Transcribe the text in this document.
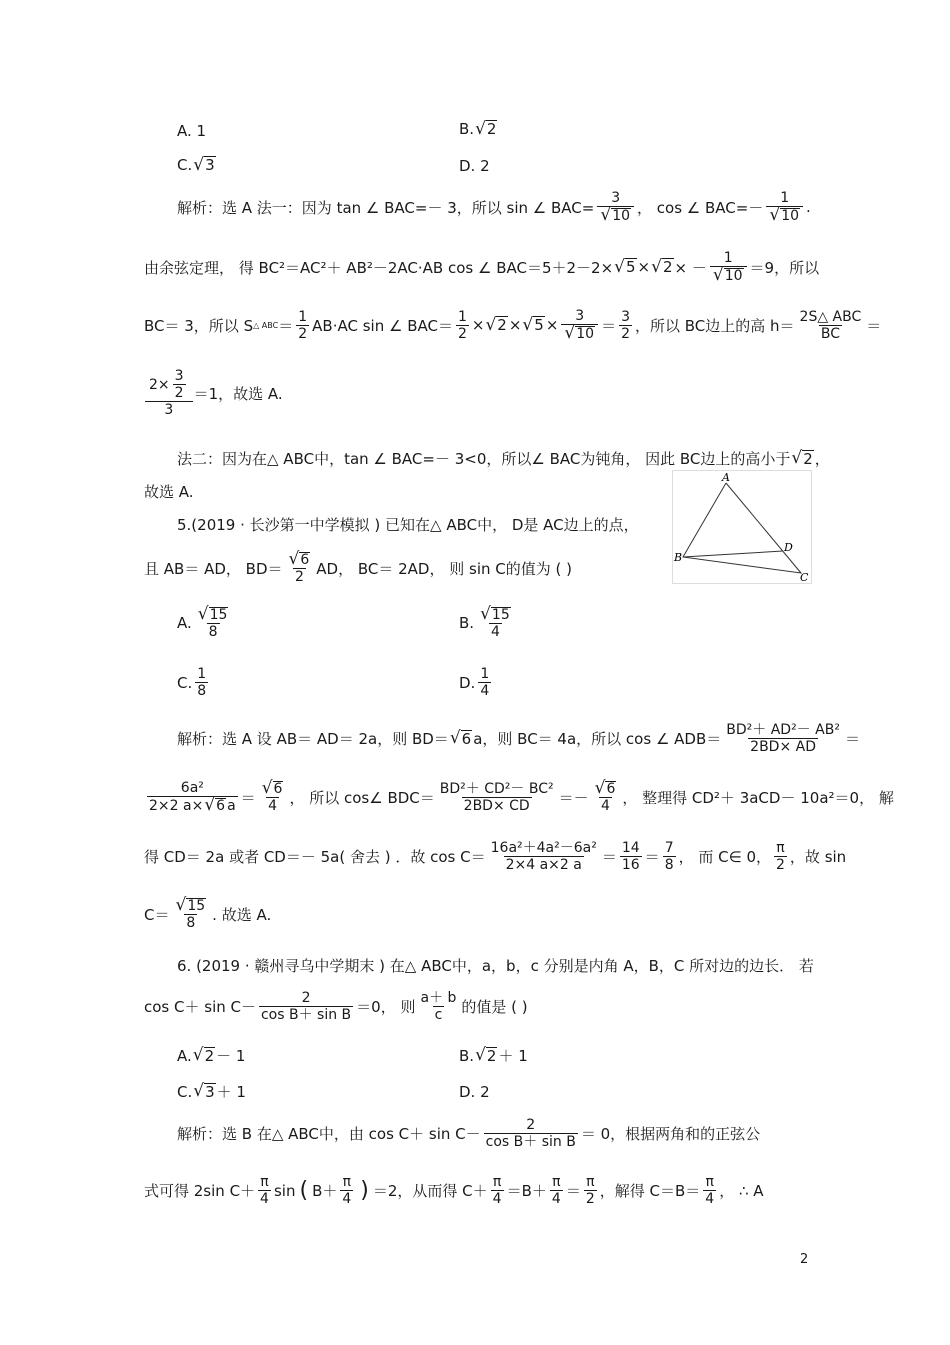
A. 1	B. √ 2
C. √ 3	D. 2
解析：选 A 法一：因为 tan ∠ BAC=－ 3，所以 sin ∠ $BAC= \frac{3}{√ 10}$ ， cos ∠ $BAC=- \frac{1}{√ 10}$ .
由余弦定理， 得 BC²＝AC²＋ AB²－2AC·AB cos ∠ BAC＝5＋2－2× √ 5 × √ 2 × － $\frac{1}{√ 10} =9$，所以
BC＝ 3，所以 S △ ABC ＝ $\frac{1}{2} AB\cdot AC$ sin ∠ $BAC= \frac{1}{2}$ × √ 2 × √ $5 \times \frac{3}{√ 10} = \frac{3}{2}$ ，所以 BC边上的高 $h= \frac{\text{2S△ ABC}}{BC}$ ＝
$\frac{2\times \frac{3}{2}}{3} =1$，故选 A.
法二：因为在△ ABC中，tan ∠ BAC=－ 3<0，所以∠ BAC为钝角， 因此 BC边上的高小于 √ 2 ，
故选 A.
A
B
C
D
5.(2019 · 长沙第一中学模拟 ) 已知在△ ABC中， D是 AC边上的点，
且 AB＝ AD， $BD= \frac{√ 6}{2}$ AD， BC＝ 2AD， 则 sin C的值为 ( )
A. $\frac{√ 15}{8}$	B. $\frac{√ 15}{4}$
C. $\frac{1}{8}$	D. $\frac{1}{4}$
解析：选 A 设 AB＝ AD＝ 2a，则 BD＝ √ 6 a，则 BC＝ 4a，所以 cos ∠ $ADB= \frac{\text{BD²＋ AD²－ AB²}}{2BD\times AD}$ ＝
$\frac{\text{6a²}}{2\times 2 a\times √ 6 a} = \frac{√ 6}{4}$ ， 所以 cos∠ $BDC= \frac{\text{BD²＋ CD²－ BC²}}{2BD\times CD} =- \frac{√ 6}{4}$ ， 整理得 CD²＋ 3aCD－ 10a²＝0， 解
得 CD＝ 2a 或者 CD＝－ 5a( 舍去 ) ．故 $\cos C= \frac{\text{16a²＋4a²－6a²}}{2\times 4 a\times 2 a} = \frac{14}{16} = \frac{7}{8}$ ， 而 C∈ 0， $\frac{\pi}{2}$ ，故 sin
$C= \frac{√ 15}{8}$ . 故选 A.
6. (2019 · 赣州寻乌中学期末 ) 在△ ABC中，a，b，c 分别是内角 A，B，C 所对边的边长． 若
$\cos C+ \sin C- \frac{2}{\text{cos B＋ sin B}} =0$， 则 $\frac{a+ b}{c}$ 的值是 ( )
A. √ 2 － 1	B. √ 2 ＋ 1
C. √ 3 ＋ 1	D. 2
解析：选 B 在△ ABC中，由 $\cos C+ \sin C- \frac{2}{\text{cos B＋ sin B}} = 0$，根据两角和的正弦公
式可得 2sin $C+ \frac{\pi}{4}$ sin ( $B+ \frac{\pi}{4}$ ) ＝2，从而得 $C+ \frac{\pi}{4} =B+ \frac{\pi}{4} = \frac{\pi}{2}$ ，解得 $C=B= \frac{\pi}{4}$ ， ∴ A
2
